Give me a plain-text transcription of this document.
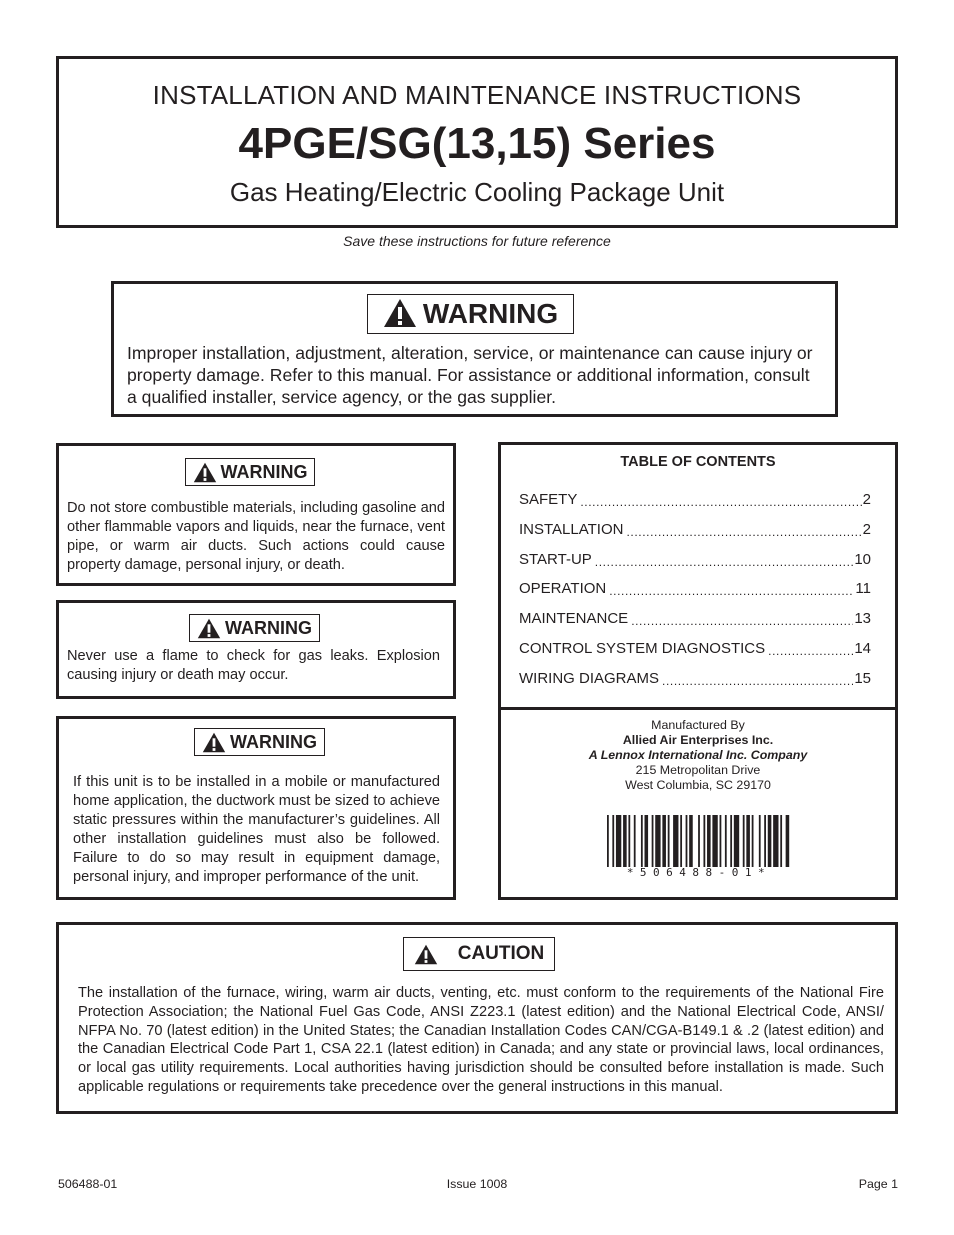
INSTALLATION AND MAINTENANCE INSTRUCTIONS
4PGE/SG(13,15) Series
Gas Heating/Electric Cooling Package Unit
Save these instructions for future reference
WARNING
Improper installation, adjustment, alteration, service, or maintenance can cause injury or property damage. Refer to this manual. For assistance or additional information, consult a qualified installer, service agency, or the gas supplier.
WARNING
Do not store combustible materials, including gasoline and other flammable vapors and liquids, near the furnace, vent pipe, or warm air ducts. Such actions could cause property damage, personal injury, or death.
WARNING
Never use a flame to check for gas leaks. Explosion causing injury or death may occur.
WARNING
If this unit is to be installed in a mobile or manufactured home application, the ductwork must be sized to achieve static pressures within the manufacturer’s guidelines. All other installation guidelines must also be followed. Failure to do so may result in equipment damage, personal injury, and improper performance of the unit.
TABLE OF CONTENTS
SAFETY .....	2
INSTALLATION .....	2
START-UP .....	10
OPERATION .....	11
MAINTENANCE .....	13
CONTROL SYSTEM DIAGNOSTICS .....	14
WIRING DIAGRAMS .....	15
Manufactured By
Allied Air Enterprises Inc.
A Lennox International Inc. Company
215 Metropolitan Drive
West Columbia, SC 29170
*506488-01*
CAUTION
The installation of the furnace, wiring, warm air ducts, venting, etc. must conform to the requirements of the National Fire Protection Association; the National Fuel Gas Code, ANSI Z223.1 (latest edition) and the National Electrical Code, ANSI/ NFPA No. 70 (latest edition) in the United States; the Canadian Installation Codes CAN/CGA-B149.1 & .2 (latest edition) and the Canadian Electrical Code Part 1, CSA 22.1 (latest edition) in Canada; and any state or provincial laws, local ordinances, or local gas utility requirements. Local authorities having jurisdiction should be consulted before installation is made. Such applicable regulations or requirements take precedence over the general instructions in this manual.
506488-01	Issue 1008	Page 1
